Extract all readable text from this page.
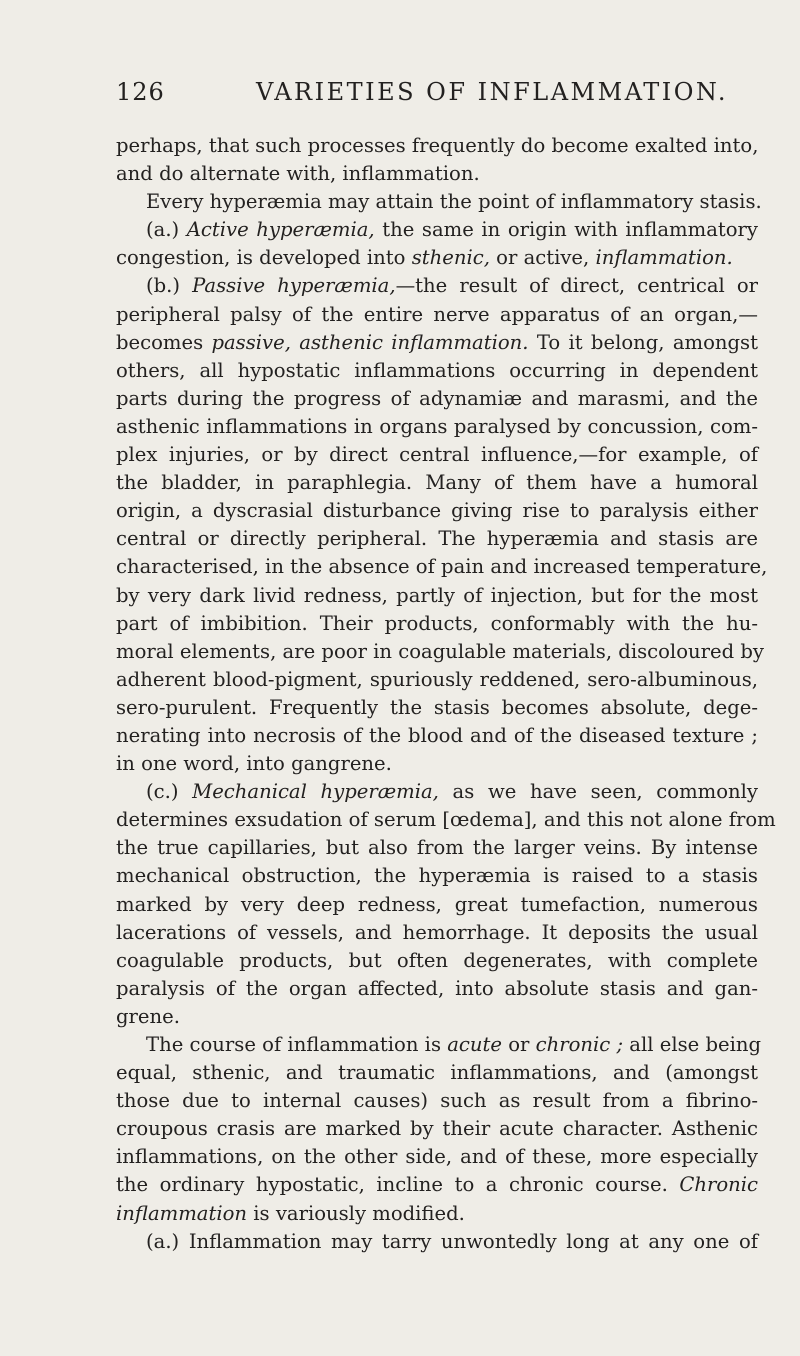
126	VARIETIES OF INFLAMMATION.
perhaps, that such processes frequently do become exalted into,
and do alternate with, inflammation.
Every hyperæmia may attain the point of inflammatory stasis.
(a.) Active hyperæmia, the same in origin with inflammatory
congestion, is developed into sthenic, or active, inflammation.
(b.) Passive hyperæmia,—the result of direct, centrical or
peripheral palsy of the entire nerve apparatus of an organ,—
becomes passive, asthenic inflammation. To it belong, amongst
others, all hypostatic inflammations occurring in dependent
parts during the progress of adynamiæ and marasmi, and the
asthenic inflammations in organs paralysed by concussion, com-
plex injuries, or by direct central influence,—for example, of
the bladder, in paraphlegia. Many of them have a humoral
origin, a dyscrasial disturbance giving rise to paralysis either
central or directly peripheral. The hyperæmia and stasis are
characterised, in the absence of pain and increased temperature,
by very dark livid redness, partly of injection, but for the most
part of imbibition. Their products, conformably with the hu-
moral elements, are poor in coagulable materials, discoloured by
adherent blood-pigment, spuriously reddened, sero-albuminous,
sero-purulent. Frequently the stasis becomes absolute, dege-
nerating into necrosis of the blood and of the diseased texture ;
in one word, into gangrene.
(c.) Mechanical hyperæmia, as we have seen, commonly
determines exsudation of serum [œdema], and this not alone from
the true capillaries, but also from the larger veins. By intense
mechanical obstruction, the hyperæmia is raised to a stasis
marked by very deep redness, great tumefaction, numerous
lacerations of vessels, and hemorrhage. It deposits the usual
coagulable products, but often degenerates, with complete
paralysis of the organ affected, into absolute stasis and gan-
grene.
The course of inflammation is acute or chronic ; all else being
equal, sthenic, and traumatic inflammations, and (amongst
those due to internal causes) such as result from a fibrino-
croupous crasis are marked by their acute character. Asthenic
inflammations, on the other side, and of these, more especially
the ordinary hypostatic, incline to a chronic course. Chronic
inflammation is variously modified.
(a.) Inflammation may tarry unwontedly long at any one of
